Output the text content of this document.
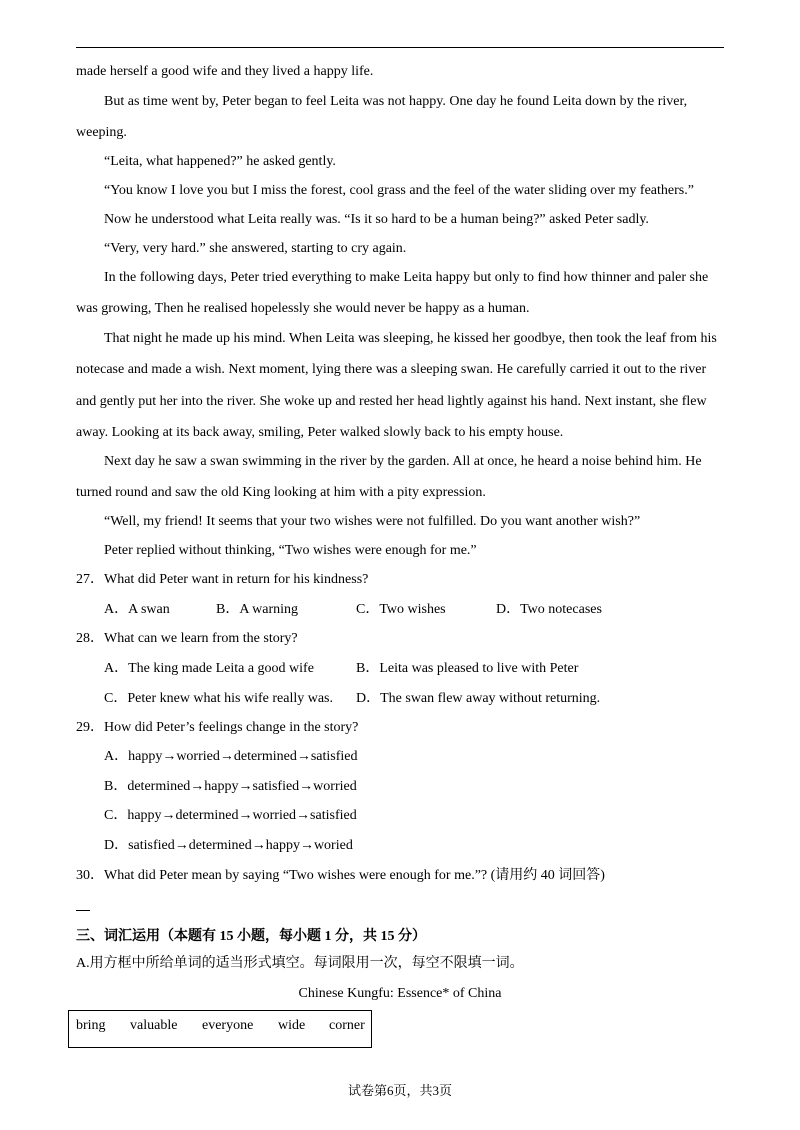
made herself a good wife and they lived a happy life.
But as time went by, Peter began to feel Leita was not happy. One day he found Leita down by the river,
weeping.
“Leita, what happened?” he asked gently.
“You know I love you but I miss the forest, cool grass and the feel of the water sliding over my feathers.”
Now he understood what Leita really was. “Is it so hard to be a human being?” asked Peter sadly.
“Very, very hard.” she answered, starting to cry again.
In the following days, Peter tried everything to make Leita happy but only to find how thinner and paler she
was growing, Then he realised hopelessly she would never be happy as a human.
That night he made up his mind. When Leita was sleeping, he kissed her goodbye, then took the leaf from his
notecase and made a wish. Next moment, lying there was a sleeping swan. He carefully carried it out to the river
and gently put her into the river. She woke up and rested her head lightly against his hand. Next instant, she flew
away. Looking at its back away, smiling, Peter walked slowly back to his empty house.
Next day he saw a swan swimming in the river by the garden. All at once, he heard a noise behind him. He
turned round and saw the old King looking at him with a pity expression.
“Well, my friend! It seems that your two wishes were not fulfilled. Do you want another wish?”
Peter replied without thinking, “Two wishes were enough for me.”
27．What did Peter want in return for his kindness?
A．A swan	B．A warning	C．Two wishes	D．Two notecases
28．What can we learn from the story?
A．The king made Leita a good wife	B．Leita was pleased to live with Peter
C．Peter knew what his wife really was. D．The swan flew away without returning.
29．How did Peter’s feelings change in the story?
A．happy→worried→determined→satisfied
B．determined→happy→satisfied→worried
C．happy→determined→worried→satisfied
D．satisfied→determined→happy→woried
30．What did Peter mean by saying “Two wishes were enough for me.”? (请用约 40 词回答)
三、词汇运用（本题有 15 小题，每小题 1 分，共 15 分）
A.用方框中所给单词的适当形式填空。每词限用一次，每空不限填一词。
Chinese Kungfu: Essence* of China
bring valuable everyone wide corner
试卷第6页，共3页
